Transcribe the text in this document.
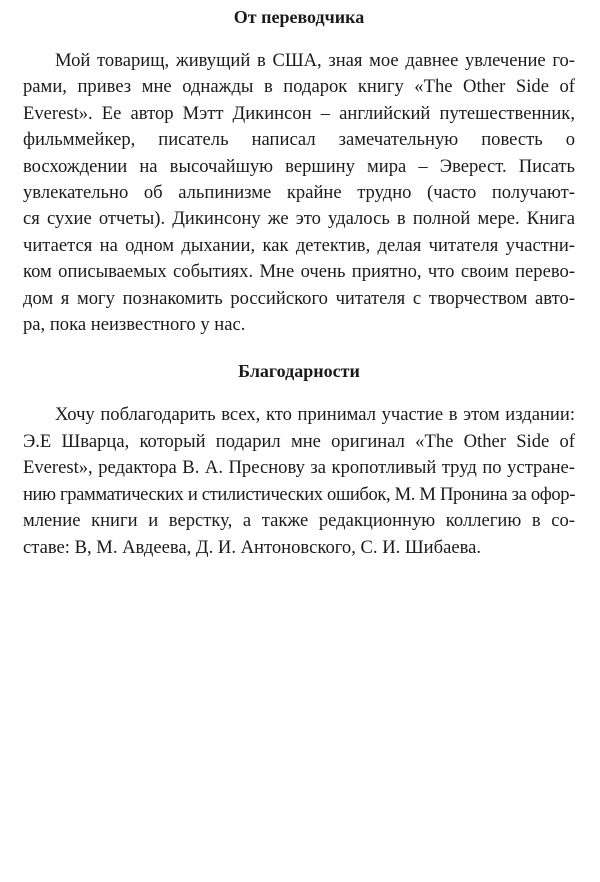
От переводчика
Мой товарищ, живущий в США, зная мое давнее увлечение го-
рами, привез мне однажды в подарок книгу «The Other Side of
Everest». Ее автор Мэтт Дикинсон – английский путешественник,
фильммейкер, писатель написал замечательную повесть о
восхождении на высочайшую вершину мира – Эверест. Писать
увлекательно об альпинизме крайне трудно (часто получают-
ся сухие отчеты). Дикинсону же это удалось в полной мере. Книга
читается на одном дыхании, как детектив, делая читателя участни-
ком описываемых событиях. Мне очень приятно, что своим перево-
дом я могу познакомить российского читателя с творчеством авто-
ра, пока неизвестного у нас.
Благодарности
Хочу поблагодарить всех, кто принимал участие в этом издании:
Э.Е Шварца, который подарил мне оригинал «The Other Side of
Everest», редактора В. А. Преснову за кропотливый труд по устране-
нию грамматических и стилистических ошибок, М. М Пронина за офор-
мление книги и верстку, а также редакционную коллегию в со-
ставе: В, М. Авдеева, Д. И. Антоновского, С. И. Шибаева.
